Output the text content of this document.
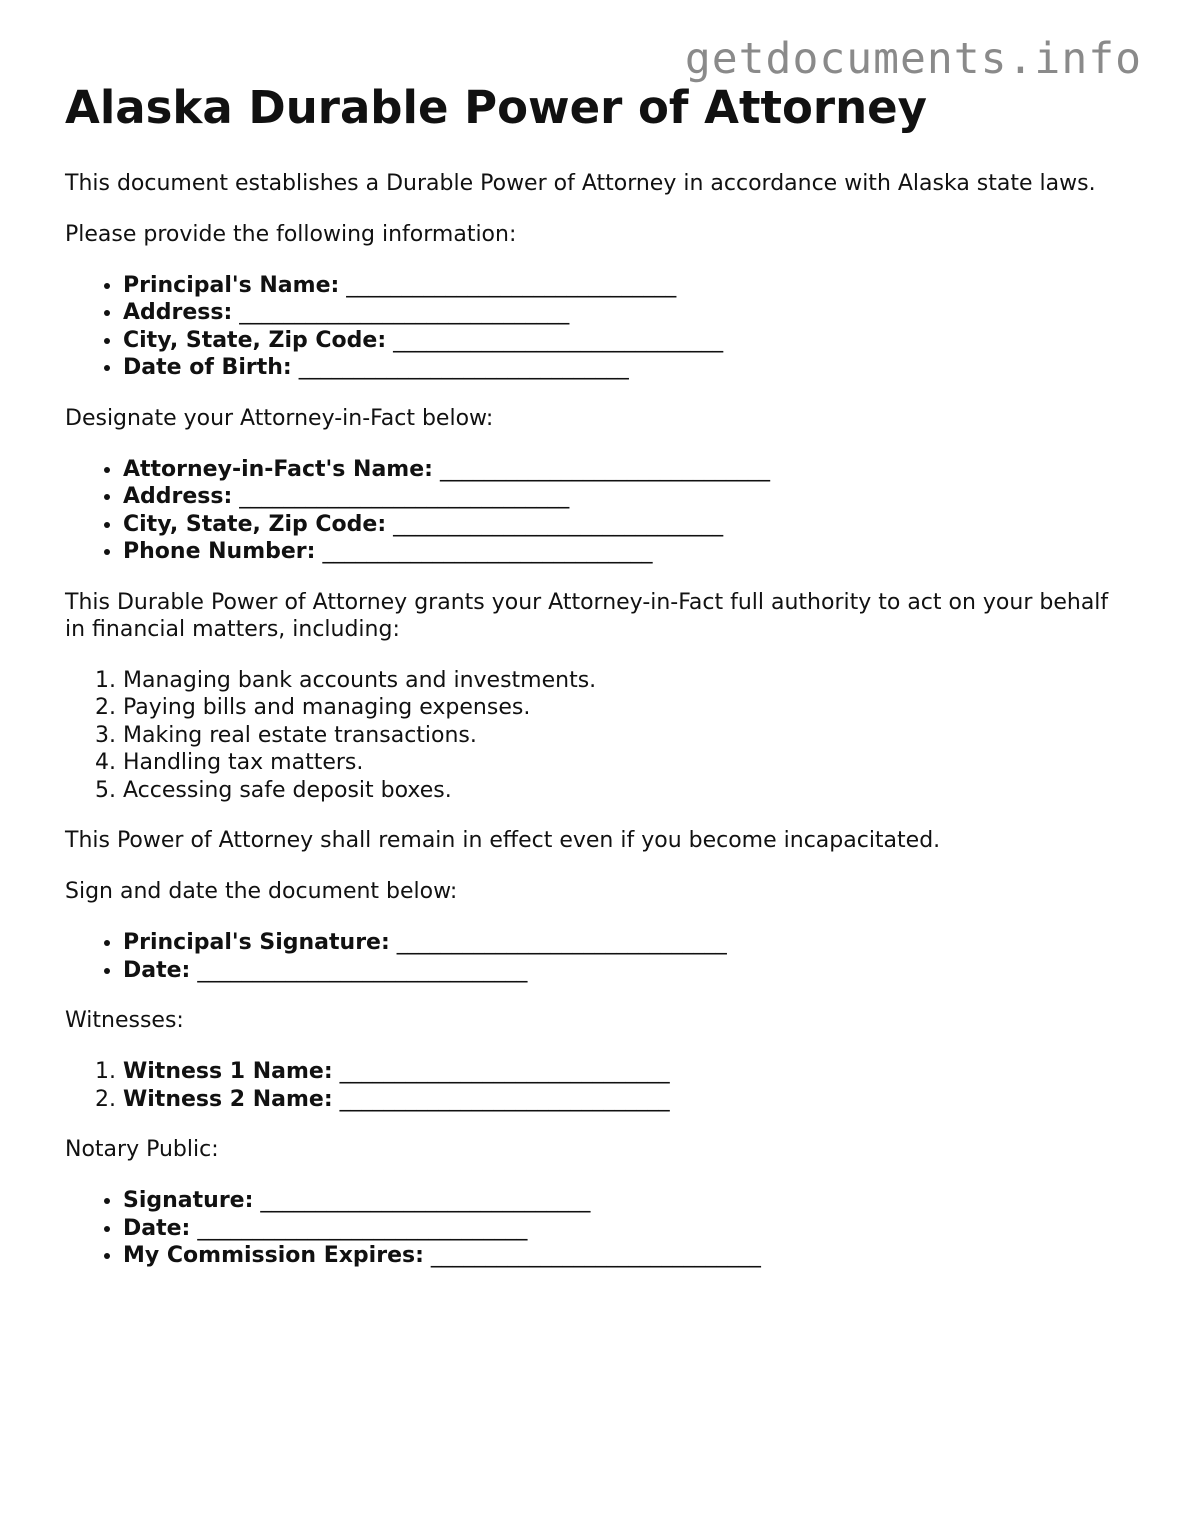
getdocuments.info
Alaska Durable Power of Attorney

This document establishes a Durable Power of Attorney in accordance with Alaska state laws.

Please provide the following information:

• Principal's Name: ______________________________
• Address: ______________________________
• City, State, Zip Code: ______________________________
• Date of Birth: ______________________________

Designate your Attorney-in-Fact below:

• Attorney-in-Fact's Name: ______________________________
• Address: ______________________________
• City, State, Zip Code: ______________________________
• Phone Number: ______________________________

This Durable Power of Attorney grants your Attorney-in-Fact full authority to act on your behalf in financial matters, including:

1. Managing bank accounts and investments.
2. Paying bills and managing expenses.
3. Making real estate transactions.
4. Handling tax matters.
5. Accessing safe deposit boxes.

This Power of Attorney shall remain in effect even if you become incapacitated.

Sign and date the document below:

• Principal's Signature: ______________________________
• Date: ______________________________

Witnesses:

1. Witness 1 Name: ______________________________
2. Witness 2 Name: ______________________________

Notary Public:

• Signature: ______________________________
• Date: ______________________________
• My Commission Expires: ______________________________
